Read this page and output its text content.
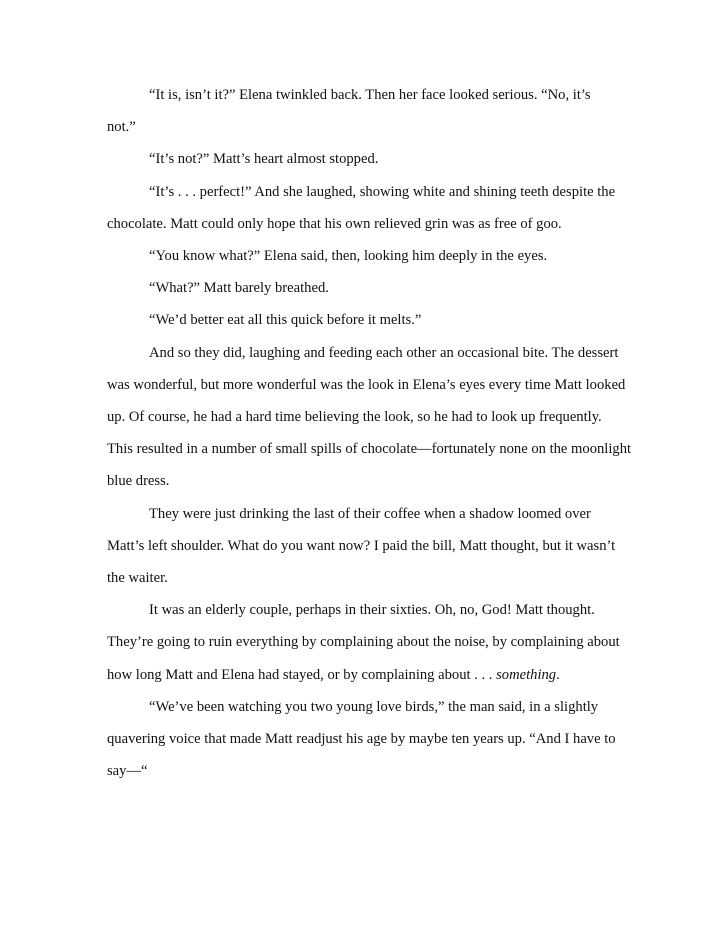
“It is, isn’t it?” Elena twinkled back. Then her face looked serious. “No, it’s
not.”

“It’s not?” Matt’s heart almost stopped.

“It’s . . . perfect!” And she laughed, showing white and shining teeth despite the
chocolate. Matt could only hope that his own relieved grin was as free of goo.

“You know what?” Elena said, then, looking him deeply in the eyes.

“What?” Matt barely breathed.

“We’d better eat all this quick before it melts.”

And so they did, laughing and feeding each other an occasional bite. The dessert
was wonderful, but more wonderful was the look in Elena’s eyes every time Matt looked
up. Of course, he had a hard time believing the look, so he had to look up frequently.
This resulted in a number of small spills of chocolate—fortunately none on the moonlight
blue dress.

They were just drinking the last of their coffee when a shadow loomed over
Matt’s left shoulder. What do you want now? I paid the bill, Matt thought, but it wasn’t
the waiter.

It was an elderly couple, perhaps in their sixties. Oh, no, God! Matt thought.
They’re going to ruin everything by complaining about the noise, by complaining about
how long Matt and Elena had stayed, or by complaining about . . . something.

“We’ve been watching you two young love birds,” the man said, in a slightly
quavering voice that made Matt readjust his age by maybe ten years up. “And I have to
say—“
